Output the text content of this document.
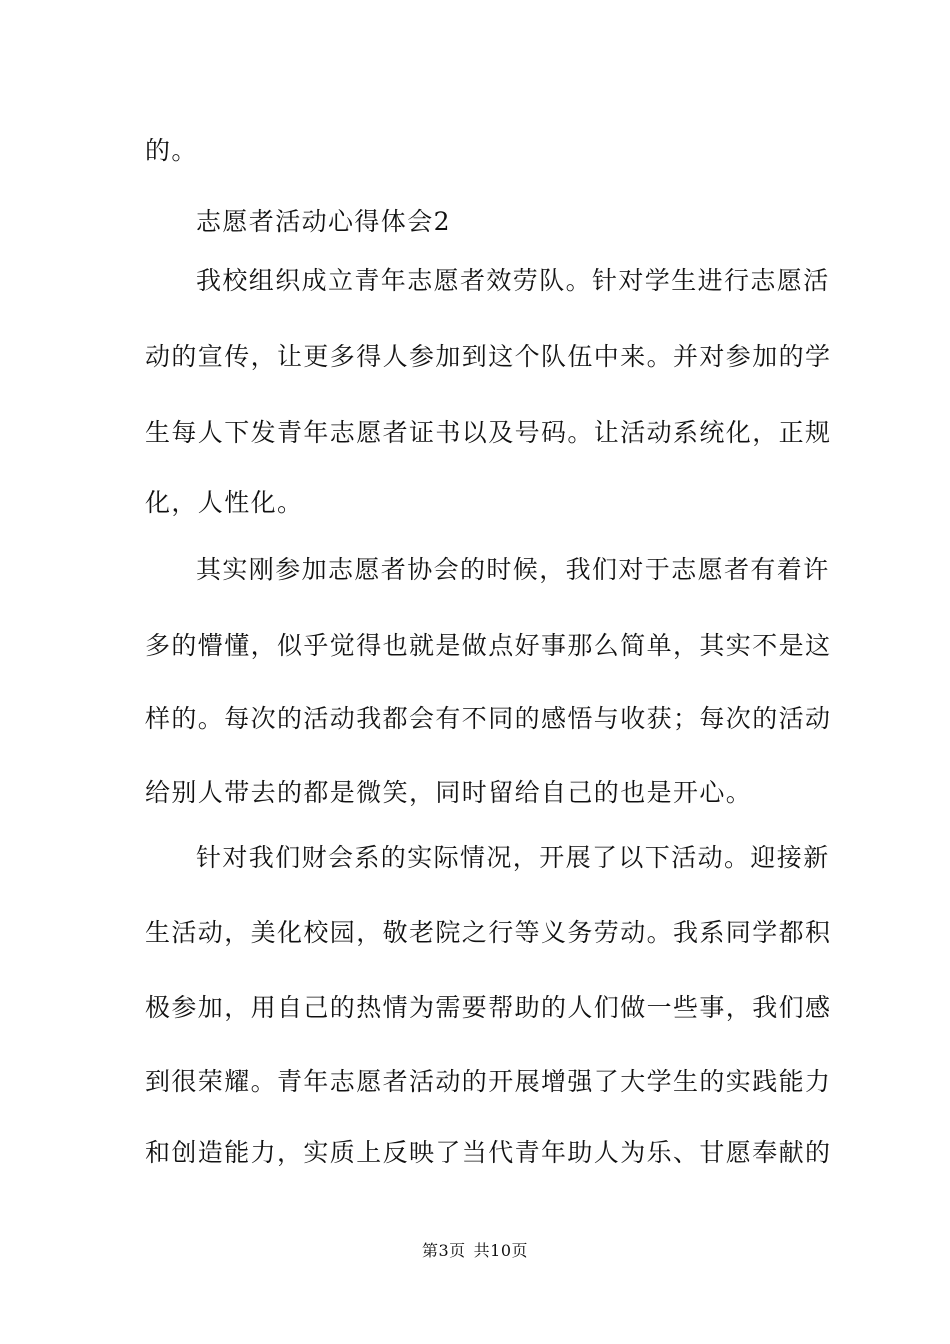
的。
志愿者活动心得体会2
我校组织成立青年志愿者效劳队。针对学生进行志愿活
动的宣传，让更多得人参加到这个队伍中来。并对参加的学
生每人下发青年志愿者证书以及号码。让活动系统化，正规
化，人性化。
其实刚参加志愿者协会的时候，我们对于志愿者有着许
多的懵懂，似乎觉得也就是做点好事那么简单，其实不是这
样的。每次的活动我都会有不同的感悟与收获；每次的活动
给别人带去的都是微笑，同时留给自己的也是开心。
针对我们财会系的实际情况，开展了以下活动。迎接新
生活动，美化校园，敬老院之行等义务劳动。我系同学都积
极参加，用自己的热情为需要帮助的人们做一些事，我们感
到很荣耀。青年志愿者活动的开展增强了大学生的实践能力
和创造能力，实质上反映了当代青年助人为乐、甘愿奉献的
第3页 共10页
